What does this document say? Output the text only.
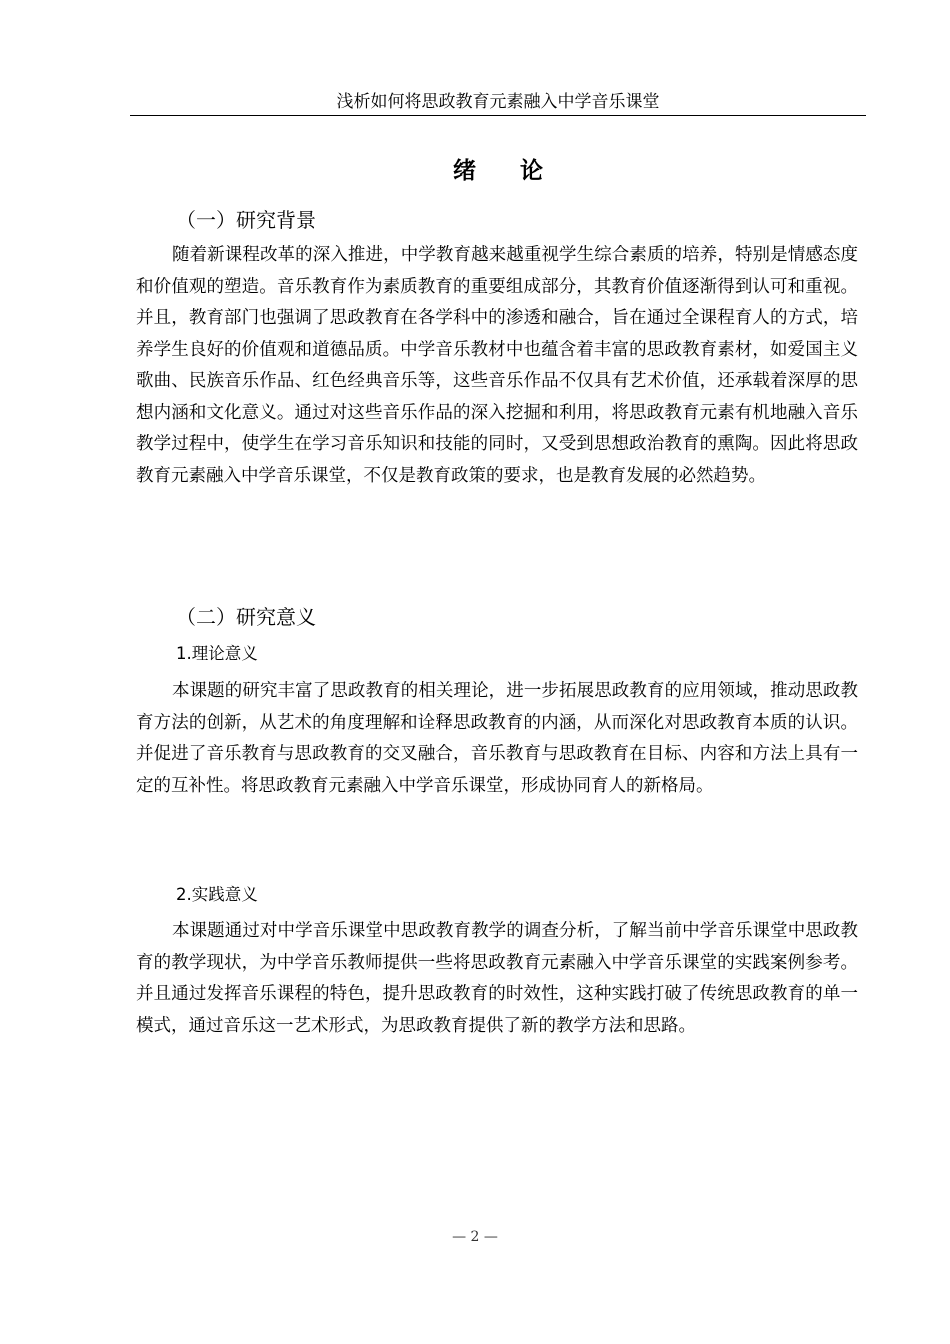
浅析如何将思政教育元素融入中学音乐课堂
绪论
（一）研究背景

随着新课程改革的深入推进，中学教育越来越重视学生综合素质的培养，特别是情感态度和价值观的塑造。音乐教育作为素质教育的重要组成部分，其教育价值逐渐得到认可和重视。并且，教育部门也强调了思政教育在各学科中的渗透和融合，旨在通过全课程育人的方式，培养学生良好的价值观和道德品质。中学音乐教材中也蕴含着丰富的思政教育素材，如爱国主义歌曲、民族音乐作品、红色经典音乐等，这些音乐作品不仅具有艺术价值，还承载着深厚的思想内涵和文化意义。通过对这些音乐作品的深入挖掘和利用，将思政教育元素有机地融入音乐教学过程中，使学生在学习音乐知识和技能的同时，又受到思想政治教育的熏陶。因此将思政教育元素融入中学音乐课堂，不仅是教育政策的要求，也是教育发展的必然趋势。

（二）研究意义
1.理论意义

本课题的研究丰富了思政教育的相关理论，进一步拓展思政教育的应用领域，推动思政教育方法的创新，从艺术的角度理解和诠释思政教育的内涵，从而深化对思政教育本质的认识。并促进了音乐教育与思政教育的交叉融合，音乐教育与思政教育在目标、内容和方法上具有一定的互补性。将思政教育元素融入中学音乐课堂，形成协同育人的新格局。

2.实践意义

本课题通过对中学音乐课堂中思政教育教学的调查分析，了解当前中学音乐课堂中思政教育的教学现状，为中学音乐教师提供一些将思政教育元素融入中学音乐课堂的实践案例参考。并且通过发挥音乐课程的特色，提升思政教育的时效性，这种实践打破了传统思政教育的单一模式，通过音乐这一艺术形式，为思政教育提供了新的教学方法和思路。

— 2 —
